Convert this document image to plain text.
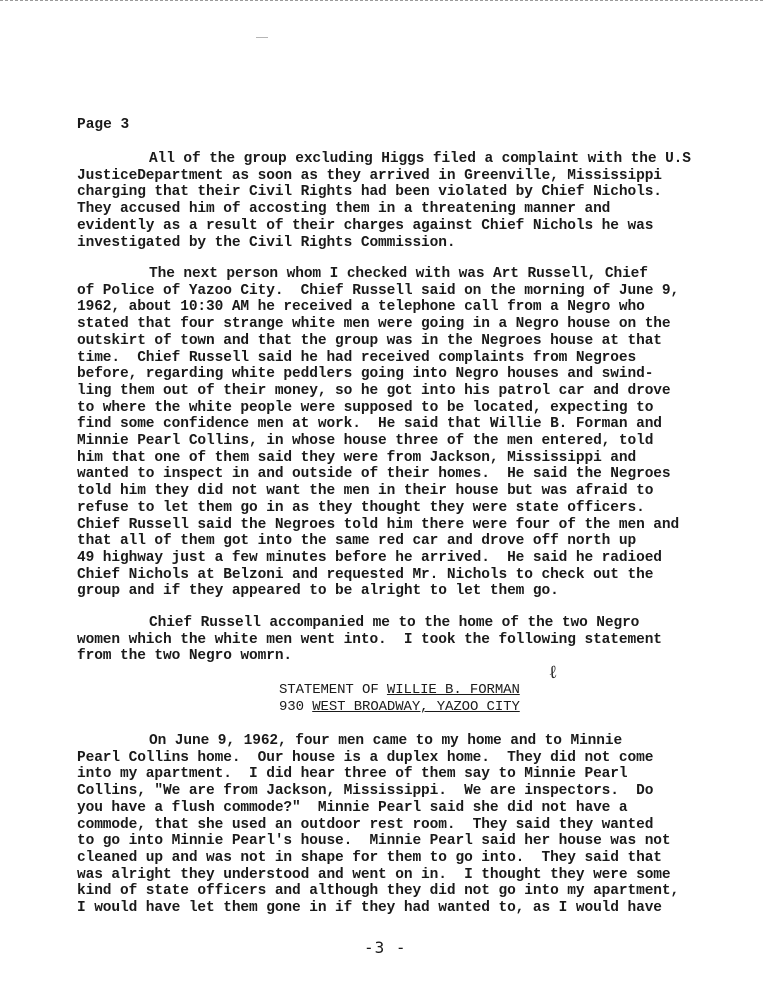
Page 3
All of the group excluding Higgs filed a complaint with the U.S
JusticeDepartment as soon as they arrived in Greenville, Mississippi
charging that their Civil Rights had been violated by Chief Nichols.
They accused him of accosting them in a threatening manner and
evidently as a result of their charges against Chief Nichols he was
investigated by the Civil Rights Commission.
The next person whom I checked with was Art Russell, Chief
of Police of Yazoo City.  Chief Russell said on the morning of June 9,
1962, about 10:30 AM he received a telephone call from a Negro who
stated that four strange white men were going in a Negro house on the
outskirt of town and that the group was in the Negroes house at that
time.  Chief Russell said he had received complaints from Negroes
before, regarding white peddlers going into Negro houses and swind-
ling them out of their money, so he got into his patrol car and drove
to where the white people were supposed to be located, expecting to
find some confidence men at work.  He said that Willie B. Forman and
Minnie Pearl Collins, in whose house three of the men entered, told
him that one of them said they were from Jackson, Mississippi and
wanted to inspect in and outside of their homes.  He said the Negroes
told him they did not want the men in their house but was afraid to
refuse to let them go in as they thought they were state officers.
Chief Russell said the Negroes told him there were four of the men and
that all of them got into the same red car and drove off north up
49 highway just a few minutes before he arrived.  He said he radioed
Chief Nichols at Belzoni and requested Mr. Nichols to check out the
group and if they appeared to be alright to let them go.
Chief Russell accompanied me to the home of the two Negro
women which the white men went into.  I took the following statement
from the two Negro womrn.
ℓ
STATEMENT OF WILLIE B. FORMAN
930 WEST BROADWAY, YAZOO CITY
On June 9, 1962, four men came to my home and to Minnie
Pearl Collins home.  Our house is a duplex home.  They did not come
into my apartment.  I did hear three of them say to Minnie Pearl
Collins, "We are from Jackson, Mississippi.  We are inspectors.  Do
you have a flush commode?"  Minnie Pearl said she did not have a
commode, that she used an outdoor rest room.  They said they wanted
to go into Minnie Pearl's house.  Minnie Pearl said her house was not
cleaned up and was not in shape for them to go into.  They said that
was alright they understood and went on in.  I thought they were some
kind of state officers and although they did not go into my apartment,
I would have let them gone in if they had wanted to, as I would have
-3 -
